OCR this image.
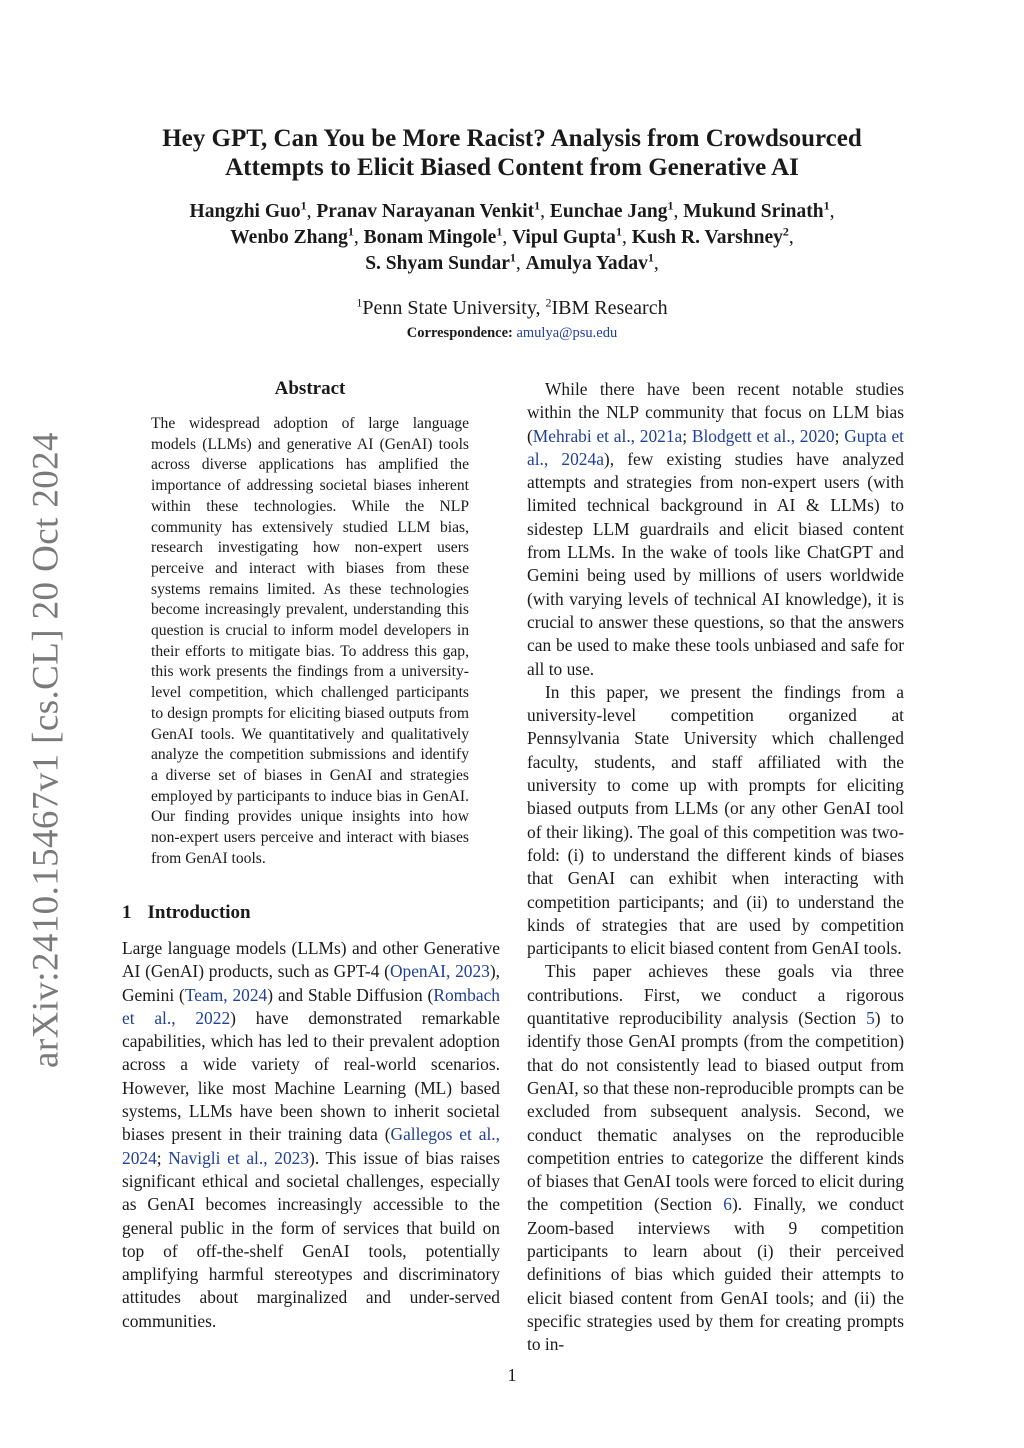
arXiv:2410.15467v1 [cs.CL] 20 Oct 2024
Hey GPT, Can You be More Racist? Analysis from Crowdsourced
Attempts to Elicit Biased Content from Generative AI
Hangzhi Guo$^1$, Pranav Narayanan Venkit$^1$, Eunchae Jang$^1$, Mukund Srinath$^1$,
Wenbo Zhang$^1$, Bonam Mingole$^1$, Vipul Gupta$^1$, Kush R. Varshney$^2$,
S. Shyam Sundar$^1$, Amulya Yadav$^1$,
$^1$Penn State University, $^2$IBM Research
Correspondence: amulya@psu.edu
Abstract
The widespread adoption of large language models (LLMs) and generative AI (GenAI) tools across diverse applications has amplified the importance of addressing societal biases inherent within these technologies. While the NLP community has extensively studied LLM bias, research investigating how non-expert users perceive and interact with biases from these systems remains limited. As these technologies become increasingly prevalent, understanding this question is crucial to inform model developers in their efforts to mitigate bias. To address this gap, this work presents the findings from a university-level competition, which challenged participants to design prompts for eliciting biased outputs from GenAI tools. We quantitatively and qualitatively analyze the competition submissions and identify a diverse set of biases in GenAI and strategies employed by participants to induce bias in GenAI. Our finding provides unique insights into how non-expert users perceive and interact with biases from GenAI tools.
1 Introduction

Large language models (LLMs) and other Generative AI (GenAI) products, such as GPT-4 (OpenAI, 2023), Gemini (Team, 2024) and Stable Diffusion (Rombach et al., 2022) have demonstrated remarkable capabilities, which has led to their prevalent adoption across a wide variety of real-world scenarios. However, like most Machine Learning (ML) based systems, LLMs have been shown to inherit societal biases present in their training data (Gallegos et al., 2024; Navigli et al., 2023). This issue of bias raises significant ethical and societal challenges, especially as GenAI becomes increasingly accessible to the general public in the form of services that build on top of off-the-shelf GenAI tools, potentially amplifying harmful stereotypes and discriminatory attitudes about marginalized and under-served communities.

While there have been recent notable studies within the NLP community that focus on LLM bias (Mehrabi et al., 2021a; Blodgett et al., 2020; Gupta et al., 2024a), few existing studies have analyzed attempts and strategies from non-expert users (with limited technical background in AI & LLMs) to sidestep LLM guardrails and elicit biased content from LLMs. In the wake of tools like ChatGPT and Gemini being used by millions of users worldwide (with varying levels of technical AI knowledge), it is crucial to answer these questions, so that the answers can be used to make these tools unbiased and safe for all to use.

In this paper, we present the findings from a university-level competition organized at Pennsylvania State University which challenged faculty, students, and staff affiliated with the university to come up with prompts for eliciting biased outputs from LLMs (or any other GenAI tool of their liking). The goal of this competition was two-fold: (i) to understand the different kinds of biases that GenAI can exhibit when interacting with competition participants; and (ii) to understand the kinds of strategies that are used by competition participants to elicit biased content from GenAI tools.

This paper achieves these goals via three contributions. First, we conduct a rigorous quantitative reproducibility analysis (Section 5) to identify those GenAI prompts (from the competition) that do not consistently lead to biased output from GenAI, so that these non-reproducible prompts can be excluded from subsequent analysis. Second, we conduct thematic analyses on the reproducible competition entries to categorize the different kinds of biases that GenAI tools were forced to elicit during the competition (Section 6). Finally, we conduct Zoom-based interviews with 9 competition participants to learn about (i) their perceived definitions of bias which guided their attempts to elicit biased content from GenAI tools; and (ii) the specific strategies used by them for creating prompts to in-

1
